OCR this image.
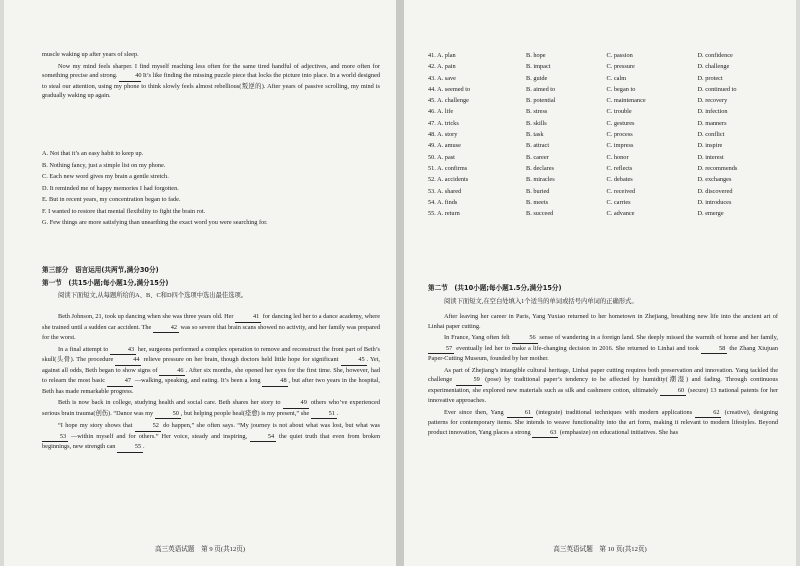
muscle waking up after years of sleep.

Now my mind feels sharper. I find myself reaching less often for the same tired handful of adjectives, and more often for something precise and strong.	40 It’s like finding the missing puzzle piece that locks the picture into place. In a world designed to steal our attention, using my phone to think slowly feels almost rebellious(叛逆的). After years of passive scrolling, my mind is gradually waking up again.

A. Not that it’s an easy habit to keep up.
B. Nothing fancy, just a simple list on my phone.
C. Each new word gives my brain a gentle stretch.
D. It reminded me of happy memories I had forgotten.
E. But in recent years, my concentration began to fade.
F. I wanted to restore that mental flexibility to fight the brain rot.
G. Few things are more satisfying than unearthing the exact word you were searching for.
第三部分　语言运用(共两节,满分30分)
第一节　(共15小题;每小题1分,满分15分)
阅读下面短文,从每题所给的A、B、C和D四个选项中选出最佳选项。

Beth Johnson, 21, took up dancing when she was three years old. Her	41 for dancing led her to a dance academy, where she trained until a sudden car accident. The	42 was so severe that brain scans showed no activity, and her family was prepared for the worst.

In a final attempt to	43 her, surgeons performed a complex operation to remove and reconstruct the front part of Beth’s skull(头骨). The procedure	44 relieve pressure on her brain, though doctors held little hope for significant	45 . Yet, against all odds, Beth began to show signs of	46 . After six months, she opened her eyes for the first time. She, however, had to relearn the most basic	47 —walking, speaking, and eating. It’s been a long	48 , but after two years in the hospital, Beth has made remarkable progress.

Beth is now back in college, studying health and social care. Beth shares her story to	49 others who’ve experienced serious brain trauma(创伤). “Dance was my	50 , but helping people heal(痊愈) is my present,” she	51 .

“I hope my story shows that	52 do happen,” she often says. “My journey is not about what was lost, but what was 53 —within myself and for others.” Her voice, steady and inspiring,	54 the quiet truth that even from broken beginnings, new strength can	55 .

高三英语试题　第 9 页(共12页)
41. A. plan	B. hope	C. passion	D. confidence
42. A. pain	B. impact	C. pressure	D. challenge
43. A. save	B. guide	C. calm	D. protect
44. A. seemed to	B. aimed to	C. began to	D. continued to
45. A. challenge	B. potential	C. maintenance	D. recovery
46. A. life	B. stress	C. trouble	D. infection
47. A. tricks	B. skills	C. gestures	D. manners
48. A. story	B. task	C. process	D. conflict
49. A. amuse	B. attract	C. impress	D. inspire
50. A. past	B. career	C. honor	D. interest
51. A. confirms	B. declares	C. reflects	D. recommends
52. A. accidents	B. miracles	C. debates	D. exchanges
53. A. shared	B. buried	C. received	D. discovered
54. A. finds	B. meets	C. carries	D. introduces
55. A. return	B. succeed	C. advance	D. emerge
第二节　(共10小题;每小题1.5分,满分15分)
阅读下面短文,在空白处填入1个适当的单词或括号内单词的正确形式。

After leaving her career in Paris, Yang Yuxiao returned to her hometown in Zhejiang, breathing new life into the ancient art of Linhai paper cutting.

In France, Yang often felt	56 sense of wandering in a foreign land. She deeply missed the warmth of home and her family, 57 eventually led her to make a life-changing decision in 2016. She returned to Linhai and took	58 the Zhang Xiujuan Paper-Cutting Museum, founded by her mother.

As part of Zhejiang’s intangible cultural heritage, Linhai paper cutting requires both preservation and innovation. Yang tackled the challenge	59 (pose) by traditional paper’s tendency to be affected by humidity(潮湿) and fading. Through continuous experimentation, she explored new materials such as silk and cashmere cotton, ultimately	60 (secure) 13 national patents for her innovative approaches.

Ever since then, Yang	61 (integrate) traditional techniques with modern applications	62 (creative), designing patterns for contemporary items. She intends to weave functionality into the art form, making it relevant to modern lifestyles. Beyond product innovation, Yang places a strong	63 (emphasize) on educational initiatives. She has

高三英语试题　第 10 页(共12页)
